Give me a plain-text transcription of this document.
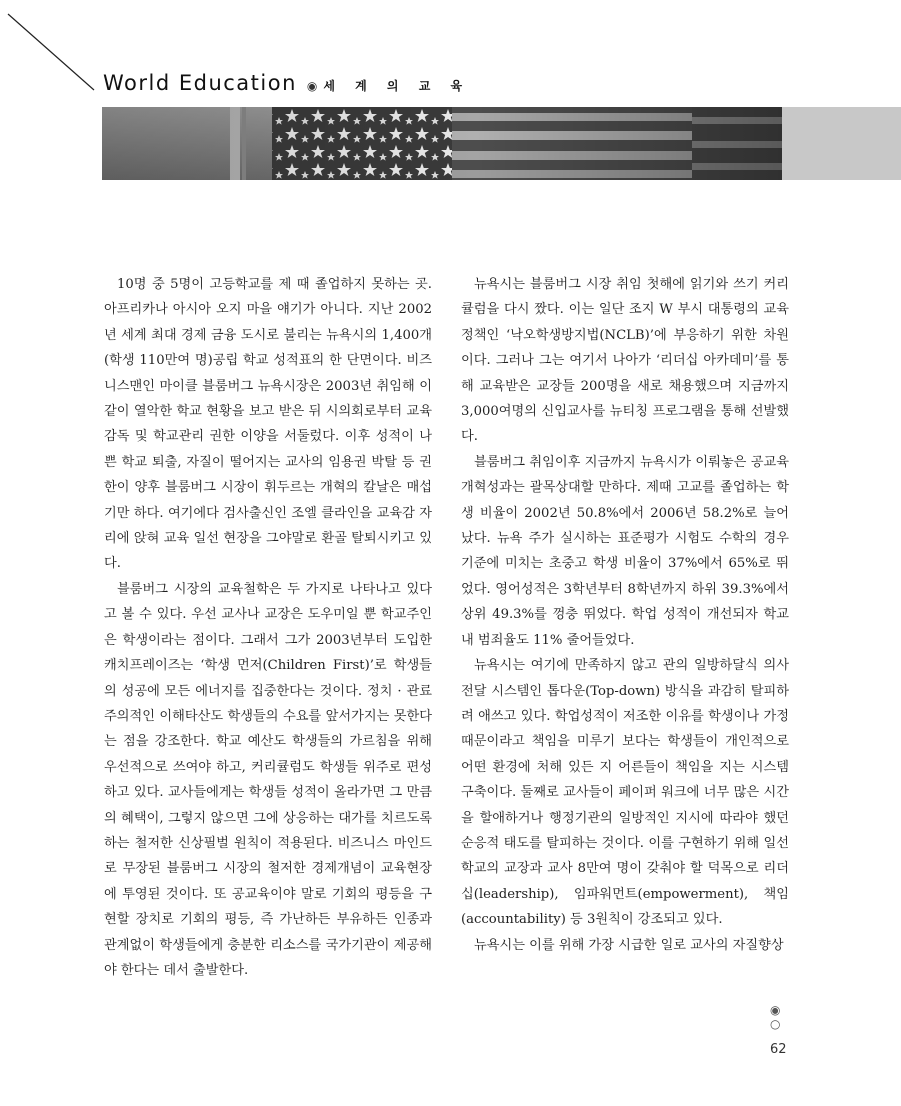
World Education ◉ 세 계 의 교 육

10명 중 5명이 고등학교를 제 때 졸업하지 못하는 곳. 아프리카나 아시아 오지 마을 얘기가 아니다. 지난 2002년 세계 최대 경제 금융 도시로 불리는 뉴욕시의 1,400개(학생 110만여 명)공립 학교 성적표의 한 단면이다. 비즈니스맨인 마이클 블룸버그 뉴욕시장은 2003년 취임해 이같이 열악한 학교 현황을 보고 받은 뒤 시의회로부터 교육감독 및 학교관리 권한 이양을 서둘렀다. 이후 성적이 나쁜 학교 퇴출, 자질이 떨어지는 교사의 임용권 박탈 등 권한이 양후 블룸버그 시장이 휘두르는 개혁의 칼날은 매섭기만 하다. 여기에다 검사출신인 조엘 클라인을 교육감 자리에 앉혀 교육 일선 현장을 그야말로 환골 탈퇴시키고 있다.

블룸버그 시장의 교육철학은 두 가지로 나타나고 있다고 볼 수 있다. 우선 교사나 교장은 도우미일 뿐 학교주인은 학생이라는 점이다. 그래서 그가 2003년부터 도입한 캐치프레이즈는 ‘학생 먼저(Children First)’로 학생들의 성공에 모든 에너지를 집중한다는 것이다. 정치 · 관료주의적인 이해타산도 학생들의 수요를 앞서가지는 못한다는 점을 강조한다. 학교 예산도 학생들의 가르침을 위해 우선적으로 쓰여야 하고, 커리큘럼도 학생들 위주로 편성하고 있다. 교사들에게는 학생들 성적이 올라가면 그 만큼의 혜택이, 그렇지 않으면 그에 상응하는 대가를 치르도록 하는 철저한 신상필벌 원칙이 적용된다. 비즈니스 마인드로 무장된 블룸버그 시장의 철저한 경제개념이 교육현장에 투영된 것이다. 또 공교육이야 말로 기회의 평등을 구현할 장치로 기회의 평등, 즉 가난하든 부유하든 인종과 관계없이 학생들에게 충분한 리소스를 국가기관이 제공해야 한다는 데서 출발한다.

뉴욕시는 블룸버그 시장 취임 첫해에 읽기와 쓰기 커리큘럼을 다시 짰다. 이는 일단 조지 W 부시 대통령의 교육정책인 ‘낙오학생방지법(NCLB)’에 부응하기 위한 차원이다. 그러나 그는 여기서 나아가 ‘리더십 아카데미’를 통해 교육받은 교장들 200명을 새로 채용했으며 지금까지 3,000여명의 신입교사를 뉴티칭 프로그램을 통해 선발했다.

블룸버그 취임이후 지금까지 뉴욕시가 이뤄놓은 공교육 개혁성과는 괄목상대할 만하다. 제때 고교를 졸업하는 학생 비율이 2002년 50.8%에서 2006년 58.2%로 늘어났다. 뉴욕 주가 실시하는 표준평가 시험도 수학의 경우 기준에 미치는 초중고 학생 비율이 37%에서 65%로 뛰었다. 영어성적은 3학년부터 8학년까지 하위 39.3%에서 상위 49.3%를 껑충 뛰었다. 학업 성적이 개선되자 학교 내 범죄율도 11% 줄어들었다.

뉴욕시는 여기에 만족하지 않고 관의 일방하달식 의사전달 시스템인 톱다운(Top-down) 방식을 과감히 탈피하려 애쓰고 있다. 학업성적이 저조한 이유를 학생이나 가정 때문이라고 책임을 미루기 보다는 학생들이 개인적으로 어떤 환경에 처해 있든 지 어른들이 책임을 지는 시스템 구축이다. 둘째로 교사들이 페이퍼 워크에 너무 많은 시간을 할애하거나 행정기관의 일방적인 지시에 따라야 했던 순응적 태도를 탈피하는 것이다. 이를 구현하기 위해 일선 학교의 교장과 교사 8만여 명이 갖춰야 할 덕목으로 리더십(leadership), 임파워먼트(empowerment), 책임(accountability) 등 3원칙이 강조되고 있다.

뉴욕시는 이를 위해 가장 시급한 일로 교사의 자질향상

◉
○
62
